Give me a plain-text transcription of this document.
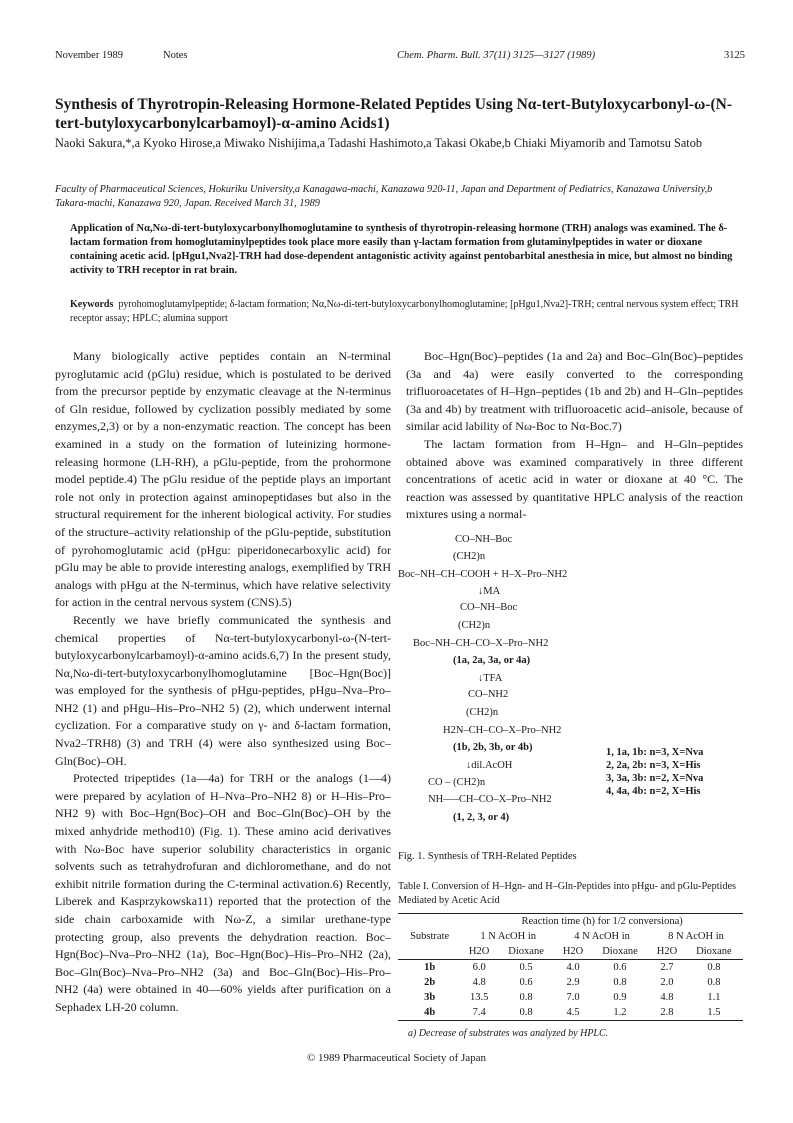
November 1989	Notes	Chem. Pharm. Bull. 37(11) 3125—3127 (1989)	3125
Synthesis of Thyrotropin-Releasing Hormone-Related Peptides Using Nα-tert-Butyloxycarbonyl-ω-(N-tert-butyloxycarbonylcarbamoyl)-α-amino Acids1)
Naoki Sakura,*,a Kyoko Hirose,a Miwako Nishijima,a Tadashi Hashimoto,a Takasi Okabe,b Chiaki Miyamorib and Tamotsu Satob
Faculty of Pharmaceutical Sciences, Hokuriku University,a Kanagawa-machi, Kanazawa 920-11, Japan and Department of Pediatrics, Kanazawa University,b Takara-machi, Kanazawa 920, Japan. Received March 31, 1989
Application of Nα,Nω-di-tert-butyloxycarbonylhomoglutamine to synthesis of thyrotropin-releasing hormone (TRH) analogs was examined. The δ-lactam formation from homoglutaminylpeptides took place more easily than γ-lactam formation from glutaminylpeptides in water or dioxane containing acetic acid. [pHgu1,Nva2]-TRH had dose-dependent antagonistic activity against pentobarbital anesthesia in mice, but almost no binding activity to TRH receptor in rat brain.
Keywords pyrohomoglutamylpeptide; δ-lactam formation; Nα,Nω-di-tert-butyloxycarbonylhomoglutamine; [pHgu1,Nva2]-TRH; central nervous system effect; TRH receptor assay; HPLC; alumina support

Many biologically active peptides contain an N-terminal pyroglutamic acid (pGlu) residue, which is postulated to be derived from the precursor peptide by enzymatic cleavage at the N-terminus of Gln residue, followed by cyclization possibly mediated by some enzymes,2,3) or by a non-enzymatic reaction. The concept has been examined in a study on the formation of luteinizing hormone-releasing hormone (LH-RH), a pGlu-peptide, from the prohormone model peptide.4) The pGlu residue of the peptide plays an important role not only in protection against aminopeptidases but also in the structural requirement for the inherent biological activity. For studies of the structure–activity relationship of the pGlu-peptide, substitution of pyrohomoglutamic acid (pHgu: piperidonecarboxylic acid) for pGlu may be able to provide interesting analogs, exemplified by TRH analogs with pHgu at the N-terminus, which have relative selectivity for action in the central nervous system (CNS).5)

Recently we have briefly communicated the synthesis and chemical properties of Nα-tert-butyloxycarbonyl-ω-(N-tert-butyloxycarbonylcarbamoyl)-α-amino acids.6,7) In the present study, Nα,Nω-di-tert-butyloxycarbonylhomoglutamine [Boc–Hgn(Boc)] was employed for the synthesis of pHgu-peptides, pHgu–Nva–Pro–NH2 (1) and pHgu–His–Pro–NH2 5) (2), which underwent internal cyclization. For a comparative study on γ- and δ-lactam formation, Nva2–TRH8) (3) and TRH (4) were also synthesized using Boc–Gln(Boc)–OH.

Protected tripeptides (1a—4a) for TRH or the analogs (1—4) were prepared by acylation of H–Nva–Pro–NH2 8) or H–His–Pro–NH2 9) with Boc–Hgn(Boc)–OH and Boc–Gln(Boc)–OH by the mixed anhydride method10) (Fig. 1). These amino acid derivatives with Nω-Boc have superior solubility characteristics in organic solvents such as tetrahydrofuran and dichloromethane, and do not exhibit nitrile formation during the C-terminal activation.6) Recently, Liberek and Kasprzykowska11) reported that the protection of the side chain carboxamide with Nω-Z, a similar urethane-type protecting group, also prevents the dehydration reaction. Boc–Hgn(Boc)–Nva–Pro–NH2 (1a), Boc–Hgn(Boc)–His–Pro–NH2 (2a), Boc–Gln(Boc)–Nva–Pro–NH2 (3a) and Boc–Gln(Boc)–His–Pro–NH2 (4a) were obtained in 40—60% yields after purification on a Sephadex LH-20 column.

Boc–Hgn(Boc)–peptides (1a and 2a) and Boc–Gln(Boc)–peptides (3a and 4a) were easily converted to the corresponding trifluoroacetates of H–Hgn–peptides (1b and 2b) and H–Gln–peptides (3a and 4b) by treatment with trifluoroacetic acid–anisole, because of similar acid lability of Nω-Boc to Nα-Boc.7)

The lactam formation from H–Hgn– and H–Gln–peptides obtained above was examined comparatively in three different concentrations of acetic acid in water or dioxane at 40 °C. The reaction was assessed by quantitative HPLC analysis of the reaction mixtures using a normal-

CO–NH–Boc
(CH2)n
Boc–NH–CH–COOH + H–X–Pro–NH2
↓MA
CO–NH–Boc
(CH2)n
Boc–NH–CH–CO–X–Pro–NH2
(1a, 2a, 3a, or 4a)
↓TFA
CO–NH2
(CH2)n
H2N–CH–CO–X–Pro–NH2
(1b, 2b, 3b, or 4b)
↓dil.AcOH
CO – (CH2)n
NH—–CH–CO–X–Pro–NH2
(1, 2, 3, or 4)
1, 1a, 1b: n=3, X=Nva
2, 2a, 2b: n=3, X=His
3, 3a, 3b: n=2, X=Nva
4, 4a, 4b: n=2, X=His
Fig. 1. Synthesis of TRH-Related Peptides
Table I. Conversion of H–Hgn- and H–Gln-Peptides into pHgu- and pGlu-Peptides Mediated by Acetic Acid
	Reaction time (h) for 1/2 conversiona)					
Substrate	1 N AcOH in		4 N AcOH in		8 N AcOH in	
	H2O	Dioxane	H2O	Dioxane	H2O	Dioxane
1b	6.0	0.5	4.0	0.6	2.7	0.8
2b	4.8	0.6	2.9	0.8	2.0	0.8
3b	13.5	0.8	7.0	0.9	4.8	1.1
4b	7.4	0.8	4.5	1.2	2.8	1.5
a) Decrease of substrates was analyzed by HPLC.
© 1989 Pharmaceutical Society of Japan
